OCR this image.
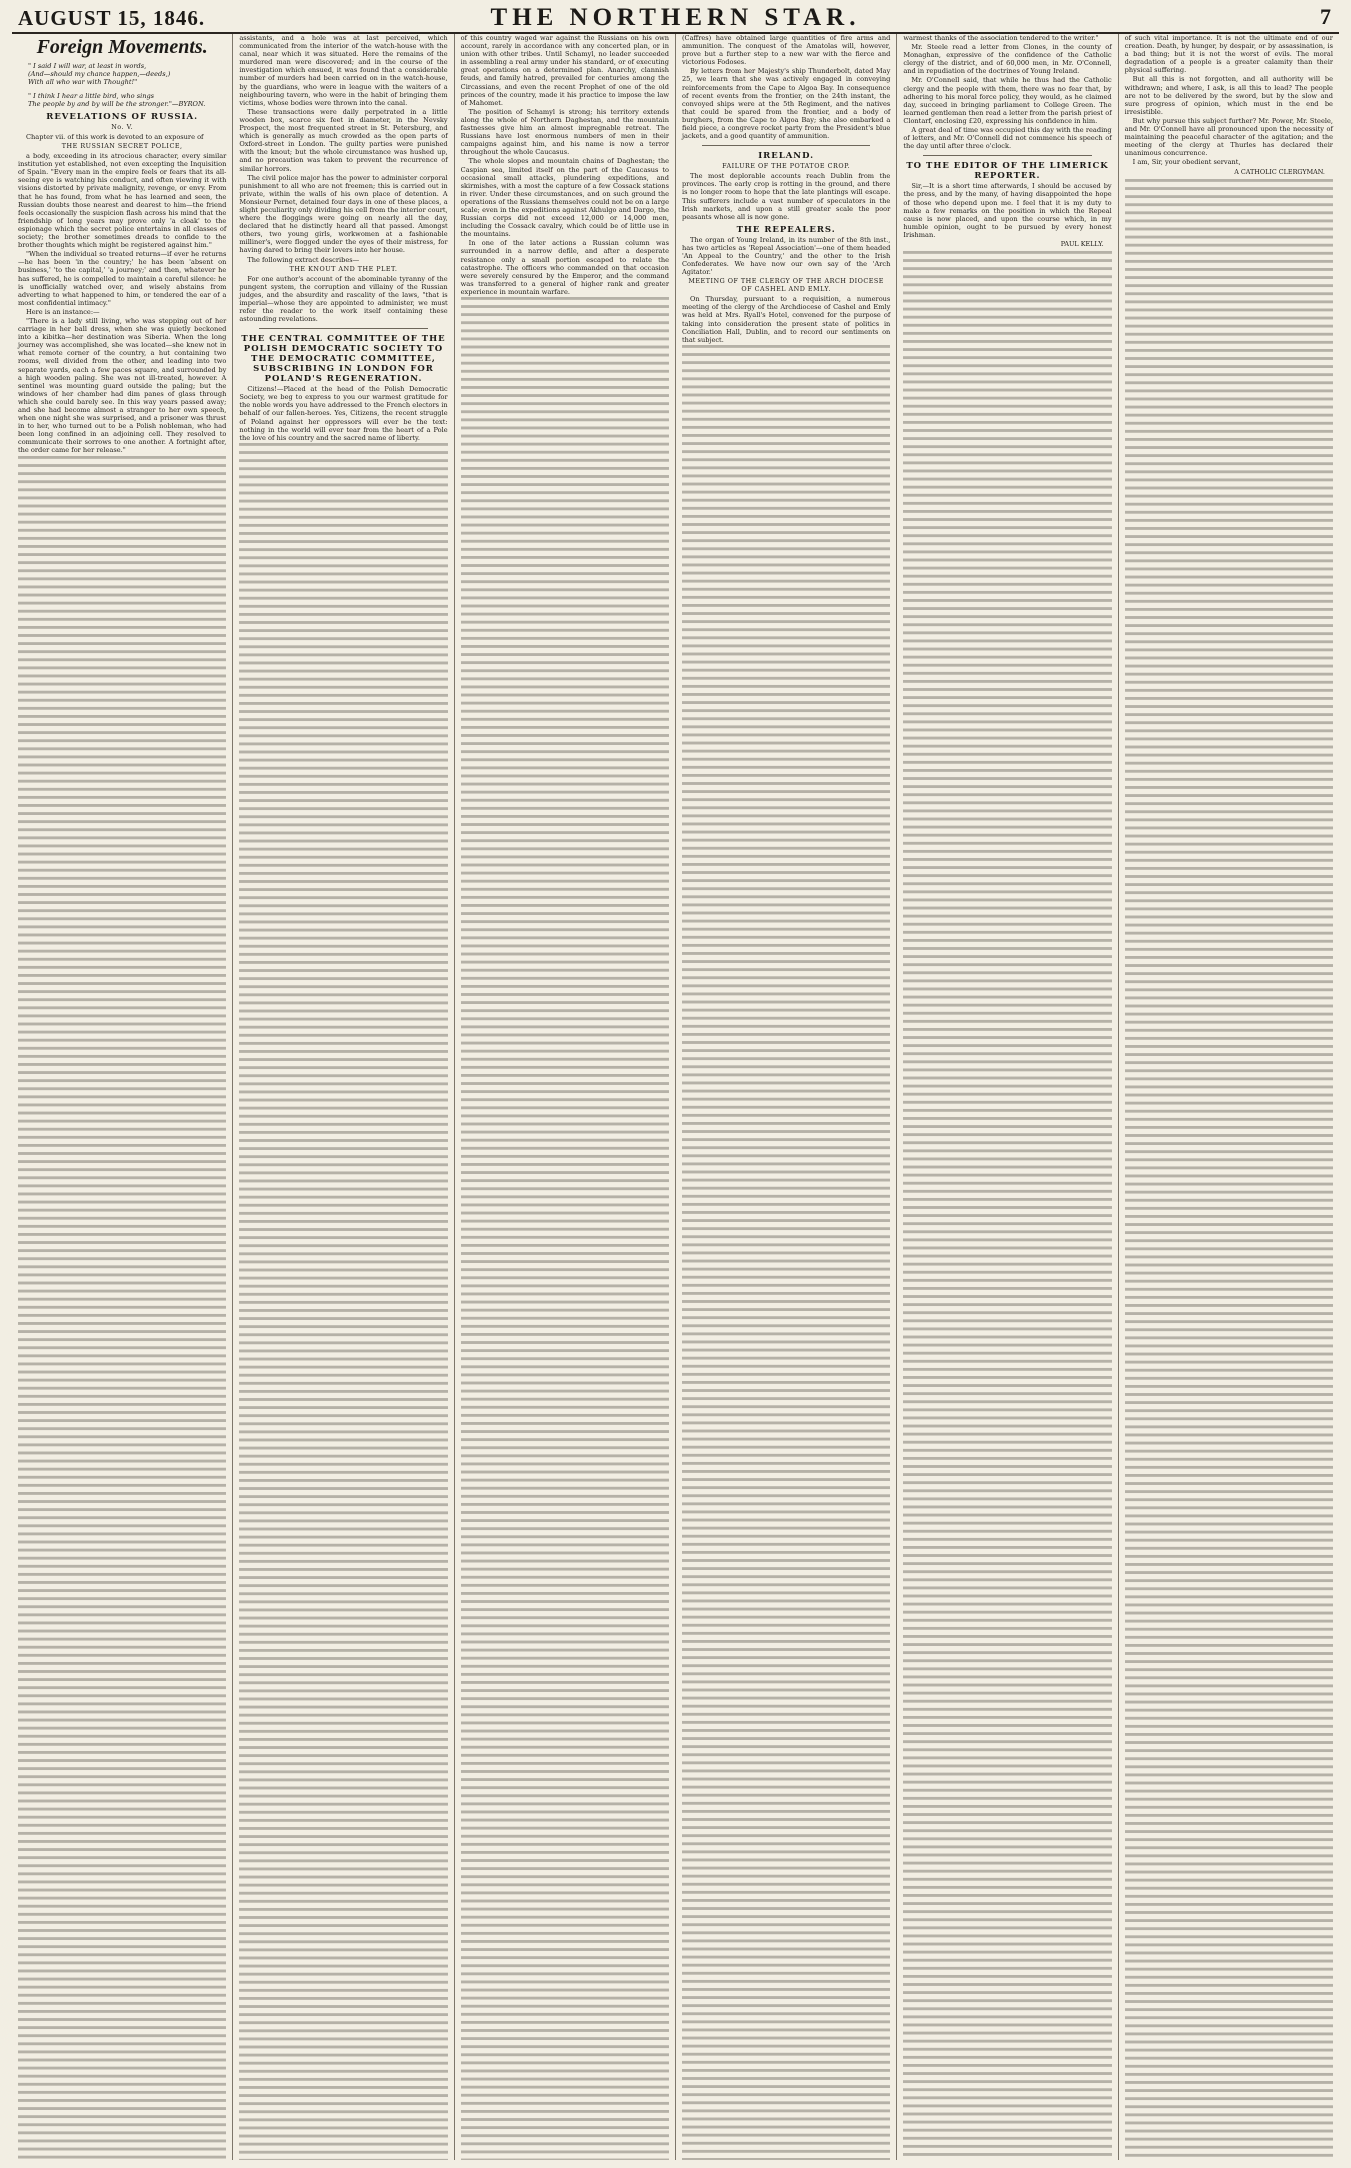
AUGUST 15, 1846.	THE NORTHERN STAR.	7
Foreign Movements.
" I said I will war, at least in words,
(And—should my chance happen,—deeds,)
With all who war with Thought!"
" I think I hear a little bird, who sings
The people by and by will be the stronger."—BYRON.
REVELATIONS OF RUSSIA.
No. V.

Chapter vii. of this work is devoted to an exposure of

THE RUSSIAN SECRET POLICE,

a body, exceeding in its atrocious character, every similar institution yet established, not even excepting the Inquisition of Spain. "Every man in the empire feels or fears that its all-seeing eye is watching his conduct, and often viewing it with visions distorted by private malignity, revenge, or envy. From that he has found, from what he has learned and seen, the Russian doubts those nearest and dearest to him—the friend feels occasionally the suspicion flash across his mind that the friendship of long years may prove only 'a cloak' to the espionage which the secret police entertains in all classes of society; the brother sometimes dreads to confide to the brother thoughts which might be registered against him."

"When the individual so treated returns—if ever he returns—he has been 'in the country;' he has been 'absent on business,' 'to the capital,' 'a journey;' and then, whatever he has suffered, he is compelled to maintain a careful silence: he is unofficially watched over, and wisely abstains from adverting to what happened to him, or tendered the ear of a most confidential intimacy."

Here is an instance:—

"There is a lady still living, who was stepping out of her carriage in her ball dress, when she was quietly beckoned into a kibitka—her destination was Siberia. When the long journey was accomplished, she was located—she knew not in what remote corner of the country, a hut containing two rooms, well divided from the other, and leading into two separate yards, each a few paces square, and surrounded by a high wooden paling. She was not ill-treated, however. A sentinel was mounting guard outside the paling; but the windows of her chamber had dim panes of glass through which she could barely see. In this way years passed away; and she had become almost a stranger to her own speech, when one night she was surprised, and a prisoner was thrust in to her, who turned out to be a Polish nobleman, who had been long confined in an adjoining cell. They resolved to communicate their sorrows to one another. A fortnight after, the order came for her release."

assistants, and a hole was at last perceived, which communicated from the interior of the watch-house with the canal, near which it was situated. Here the remains of the murdered man were discovered; and in the course of the investigation which ensued, it was found that a considerable number of murders had been carried on in the watch-house, by the guardians, who were in league with the waiters of a neighbouring tavern, who were in the habit of bringing them victims, whose bodies were thrown into the canal.

These transactions were daily perpetrated in a little wooden box, scarce six feet in diameter, in the Nevsky Prospect, the most frequented street in St. Petersburg, and which is generally as much crowded as the open parts of Oxford-street in London. The guilty parties were punished with the knout; but the whole circumstance was hushed up, and no precaution was taken to prevent the recurrence of similar horrors.

The civil police major has the power to administer corporal punishment to all who are not freemen; this is carried out in private, within the walls of his own place of detention. A Monsieur Pernet, detained four days in one of these places, a slight peculiarity only dividing his cell from the interior court, where the floggings were going on nearly all the day, declared that he distinctly heard all that passed. Amongst others, two young girls, workwomen at a fashionable milliner's, were flogged under the eyes of their mistress, for having dared to bring their lovers into her house.

The following extract describes—

THE KNOUT AND THE PLET.

For one author's account of the abominable tyranny of the pungent system, the corruption and villainy of the Russian judges, and the absurdity and rascality of the laws, "that is imperial—whose they are appointed to administer, we must refer the reader to the work itself containing these astounding revelations.

THE CENTRAL COMMITTEE OF THE POLISH DEMOCRATIC SOCIETY TO THE DEMOCRATIC COMMITTEE, SUBSCRIBING IN LONDON FOR POLAND'S REGENERATION.

Citizens!—Placed at the head of the Polish Democratic Society, we beg to express to you our warmest gratitude for the noble words you have addressed to the French electors in behalf of our fallen-heroes. Yes, Citizens, the recent struggle of Poland against her oppressors will ever be the text: nothing in the world will ever tear from the heart of a Pole the love of his country and the sacred name of liberty.

of this country waged war against the Russians on his own account, rarely in accordance with any concerted plan, or in union with other tribes. Until Schamyl, no leader succeeded in assembling a real army under his standard, or of executing great operations on a determined plan. Anarchy, clannish feuds, and family hatred, prevailed for centuries among the Circassians, and even the recent Prophet of one of the old princes of the country, made it his practice to impose the law of Mahomet.

The position of Schamyl is strong; his territory extends along the whole of Northern Daghestan, and the mountain fastnesses give him an almost impregnable retreat. The Russians have lost enormous numbers of men in their campaigns against him, and his name is now a terror throughout the whole Caucasus.

The whole slopes and mountain chains of Daghestan; the Caspian sea, limited itself on the part of the Caucasus to occasional small attacks, plundering expeditions, and skirmishes, with a most the capture of a few Cossack stations in river. Under these circumstances, and on such ground the operations of the Russians themselves could not be on a large scale; even in the expeditions against Akhulgo and Dargo, the Russian corps did not exceed 12,000 or 14,000 men, including the Cossack cavalry, which could be of little use in the mountains.

In one of the later actions a Russian column was surrounded in a narrow defile, and after a desperate resistance only a small portion escaped to relate the catastrophe. The officers who commanded on that occasion were severely censured by the Emperor, and the command was transferred to a general of higher rank and greater experience in mountain warfare.

(Caffres) have obtained large quantities of fire arms and ammunition. The conquest of the Amatolas will, however, prove but a further step to a new war with the fierce and victorious Fodoses.

By letters from her Majesty's ship Thunderbolt, dated May 25, we learn that she was actively engaged in conveying reinforcements from the Cape to Algoa Bay. In consequence of recent events from the frontier, on the 24th instant, the convoyed ships were at the 5th Regiment, and the natives that could be spared from the frontier, and a body of burghers, from the Cape to Algoa Bay; she also embarked a field piece, a congreve rocket party from the President's blue jackets, and a good quantity of ammunition.

IRELAND.
FAILURE OF THE POTATOE CROP.

The most deplorable accounts reach Dublin from the provinces. The early crop is rotting in the ground, and there is no longer room to hope that the late plantings will escape. This sufferers include a vast number of speculators in the Irish markets, and upon a still greater scale the poor peasants whose all is now gone.

THE REPEALERS.

The organ of Young Ireland, in its number of the 8th inst., has two articles as 'Repeal Association'—one of them headed 'An Appeal to the Country,' and the other to the Irish Confederates. We have now our own say of the 'Arch Agitator.'

MEETING OF THE CLERGY OF THE ARCH DIOCESE OF CASHEL AND EMLY.

On Thursday, pursuant to a requisition, a numerous meeting of the clergy of the Archdiocese of Cashel and Emly was held at Mrs. Ryall's Hotel, convened for the purpose of taking into consideration the present state of politics in Conciliation Hall, Dublin, and to record our sentiments on that subject.

warmest thanks of the association tendered to the writer."

Mr. Steele read a letter from Clones, in the county of Monaghan, expressive of the confidence of the Catholic clergy of the district, and of 60,000 men, in Mr. O'Connell, and in repudiation of the doctrines of Young Ireland.

Mr. O'Connell said, that while he thus had the Catholic clergy and the people with them, there was no fear that, by adhering to his moral force policy, they would, as he claimed day, succeed in bringing parliament to College Green. The learned gentleman then read a letter from the parish priest of Clontarf, enclosing £20, expressing his confidence in him.

A great deal of time was occupied this day with the reading of letters, and Mr. O'Connell did not commence his speech of the day until after three o'clock.

TO THE EDITOR OF THE LIMERICK REPORTER.

Sir,—It is a short time afterwards, I should be accused by the press, and by the many, of having disappointed the hope of those who depend upon me. I feel that it is my duty to make a few remarks on the position in which the Repeal cause is now placed, and upon the course which, in my humble opinion, ought to be pursued by every honest Irishman.

PAUL KELLY.

of such vital importance. It is not the ultimate end of our creation. Death, by hunger, by despair, or by assassination, is a bad thing; but it is not the worst of evils. The moral degradation of a people is a greater calamity than their physical suffering.

But all this is not forgotten, and all authority will be withdrawn; and where, I ask, is all this to lead? The people are not to be delivered by the sword, but by the slow and sure progress of opinion, which must in the end be irresistible.

But why pursue this subject further? Mr. Power, Mr. Steele, and Mr. O'Connell have all pronounced upon the necessity of maintaining the peaceful character of the agitation; and the meeting of the clergy at Thurles has declared their unanimous concurrence.

I am, Sir, your obedient servant,

A CATHOLIC CLERGYMAN.
